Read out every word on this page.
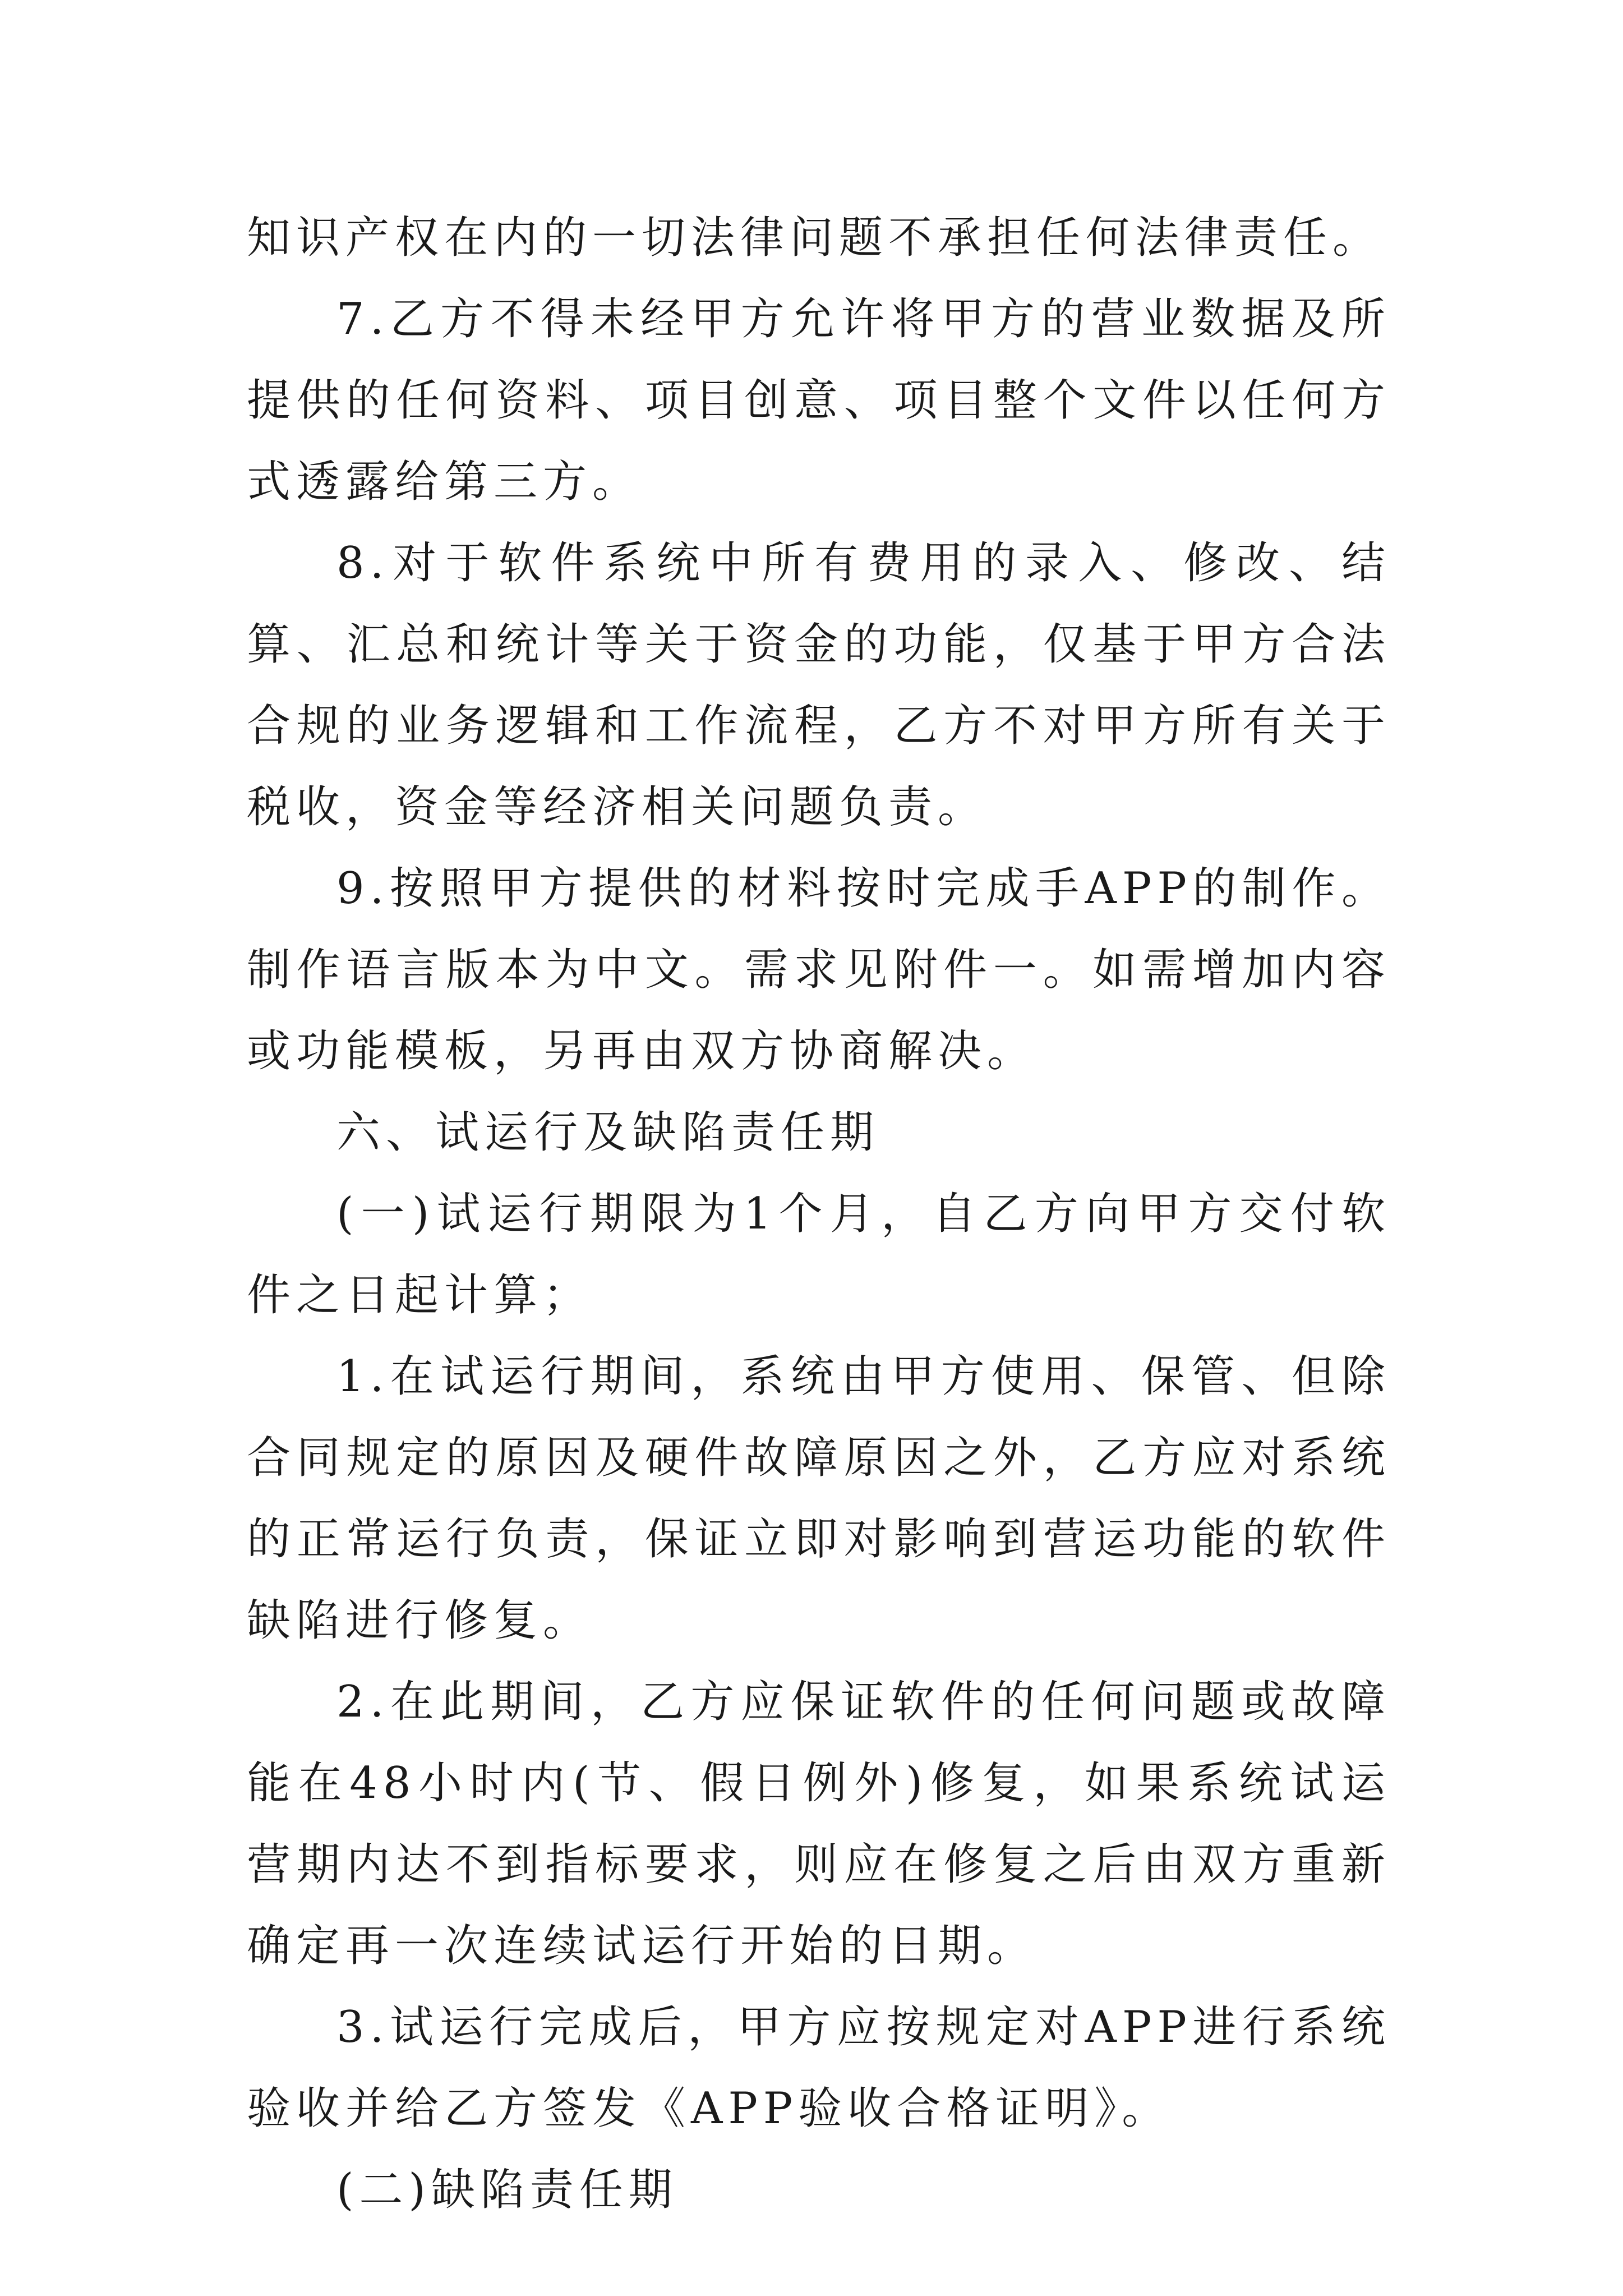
知识产权在内的一切法律问题不承担任何法律责任。

7.乙方不得未经甲方允许将甲方的营业数据及所提供的任何资料、项目创意、项目整个文件以任何方式透露给第三方。

8.对于软件系统中所有费用的录入、修改、结算、汇总和统计等关于资金的功能，仅基于甲方合法合规的业务逻辑和工作流程，乙方不对甲方所有关于税收，资金等经济相关问题负责。

9.按照甲方提供的材料按时完成手APP的制作。制作语言版本为中文。需求见附件一。如需增加内容或功能模板，另再由双方协商解决。

六、试运行及缺陷责任期

(一)试运行期限为1个月，自乙方向甲方交付软件之日起计算；

1.在试运行期间，系统由甲方使用、保管、但除合同规定的原因及硬件故障原因之外，乙方应对系统的正常运行负责，保证立即对影响到营运功能的软件缺陷进行修复。

2.在此期间，乙方应保证软件的任何问题或故障能在48小时内(节、假日例外)修复，如果系统试运营期内达不到指标要求，则应在修复之后由双方重新确定再一次连续试运行开始的日期。

3.试运行完成后，甲方应按规定对APP进行系统验收并给乙方签发《APP验收合格证明》。

(二)缺陷责任期
